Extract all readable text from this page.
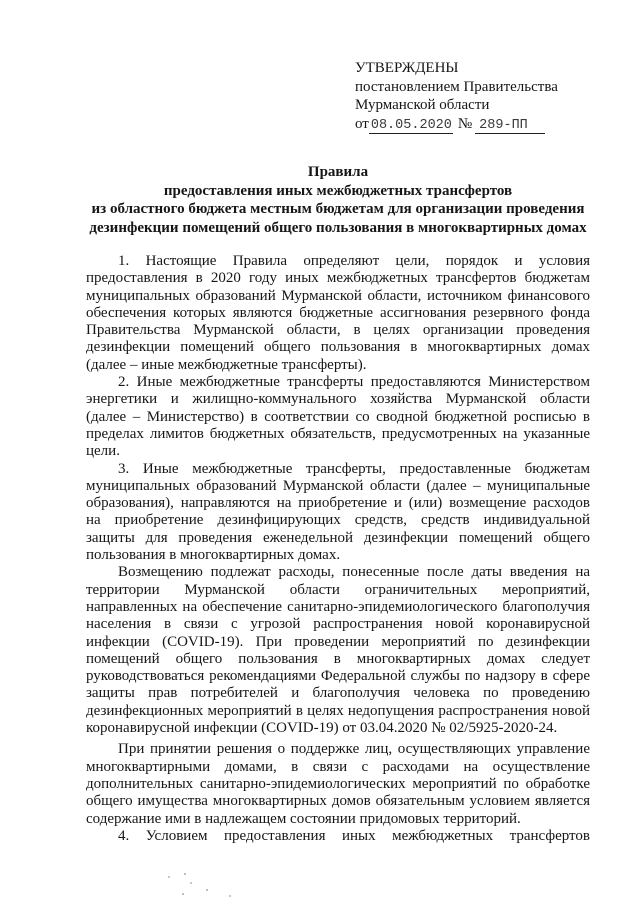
УТВЕРЖДЕНЫ
постановлением Правительства
Мурманской области
от 08.05.2020 № 289-ПП
Правила
предоставления иных межбюджетных трансфертов
из областного бюджета местным бюджетам для организации проведения
дезинфекции помещений общего пользования в многоквартирных домах
1. Настоящие Правила определяют цели, порядок и условия
предоставления в 2020 году иных межбюджетных трансфертов бюджетам
муниципальных образований Мурманской области, источником финансового
обеспечения которых являются бюджетные ассигнования резервного фонда
Правительства Мурманской области, в целях организации проведения
дезинфекции помещений общего пользования в многоквартирных домах
(далее – иные межбюджетные трансферты).
2. Иные межбюджетные трансферты предоставляются Министерством
энергетики и жилищно-коммунального хозяйства Мурманской области
(далее – Министерство) в соответствии со сводной бюджетной росписью в
пределах лимитов бюджетных обязательств, предусмотренных на указанные
цели.
3. Иные межбюджетные трансферты, предоставленные бюджетам
муниципальных образований Мурманской области (далее – муниципальные
образования), направляются на приобретение и (или) возмещение расходов
на приобретение дезинфицирующих средств, средств индивидуальной
защиты для проведения еженедельной дезинфекции помещений общего
пользования в многоквартирных домах.
Возмещению подлежат расходы, понесенные после даты введения на
территории Мурманской области ограничительных мероприятий,
направленных на обеспечение санитарно-эпидемиологического благополучия
населения в связи с угрозой распространения новой коронавирусной
инфекции (COVID-19). При проведении мероприятий по дезинфекции
помещений общего пользования в многоквартирных домах следует
руководствоваться рекомендациями Федеральной службы по надзору в сфере
защиты прав потребителей и благополучия человека по проведению
дезинфекционных мероприятий в целях недопущения распространения новой
коронавирусной инфекции (COVID-19) от 03.04.2020 № 02/5925-2020-24.
При принятии решения о поддержке лиц, осуществляющих управление
многоквартирными домами, в связи с расходами на осуществление
дополнительных санитарно-эпидемиологических мероприятий по обработке
общего имущества многоквартирных домов обязательным условием является
содержание ими в надлежащем состоянии придомовых территорий.
4. Условием предоставления иных межбюджетных трансфертов
